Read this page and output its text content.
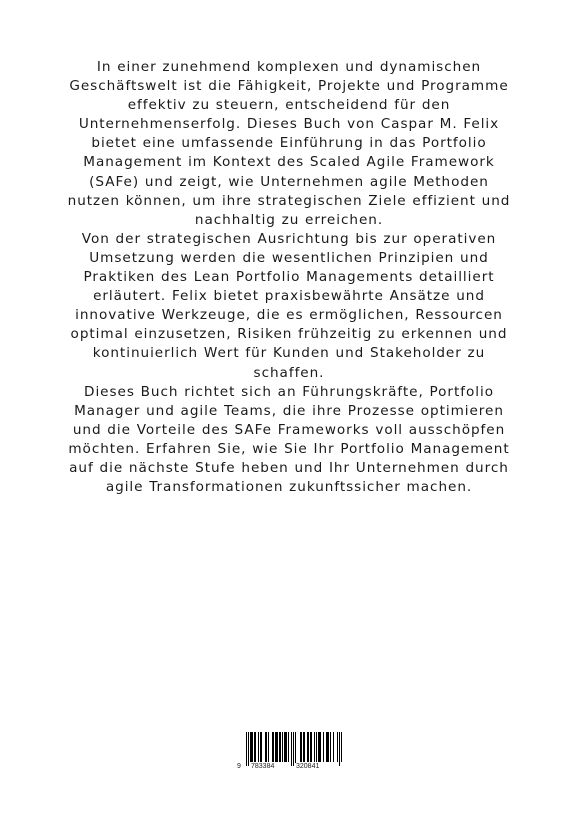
In einer zunehmend komplexen und dynamischen Geschäftswelt ist die Fähigkeit, Projekte und Programme effektiv zu steuern, entscheidend für den Unternehmenserfolg. Dieses Buch von Caspar M. Felix bietet eine umfassende Einführung in das Portfolio Management im Kontext des Scaled Agile Framework (SAFe) und zeigt, wie Unternehmen agile Methoden nutzen können, um ihre strategischen Ziele effizient und nachhaltig zu erreichen.

Von der strategischen Ausrichtung bis zur operativen Umsetzung werden die wesentlichen Prinzipien und Praktiken des Lean Portfolio Managements detailliert erläutert. Felix bietet praxisbewährte Ansätze und innovative Werkzeuge, die es ermöglichen, Ressourcen optimal einzusetzen, Risiken frühzeitig zu erkennen und kontinuierlich Wert für Kunden und Stakeholder zu schaffen.

Dieses Buch richtet sich an Führungskräfte, Portfolio Manager und agile Teams, die ihre Prozesse optimieren und die Vorteile des SAFe Frameworks voll ausschöpfen möchten. Erfahren Sie, wie Sie Ihr Portfolio Management auf die nächste Stufe heben und Ihr Unternehmen durch agile Transformationen zukunftssicher machen.

9 783384	320841
